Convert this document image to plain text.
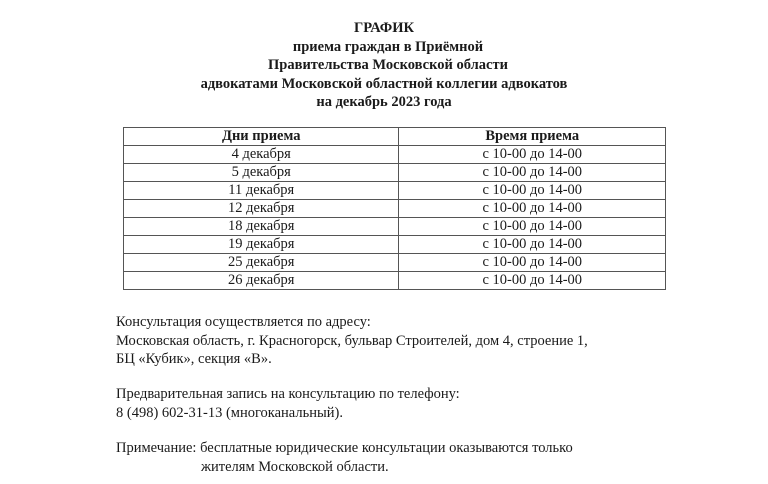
ГРАФИК
приема граждан в Приёмной
Правительства Московской области
адвокатами Московской областной коллегии адвокатов
на декабрь 2023 года
Дни приема	Время приема
4 декабря	с 10-00 до 14-00
5 декабря	с 10-00 до 14-00
11 декабря	с 10-00 до 14-00
12 декабря	с 10-00 до 14-00
18 декабря	с 10-00 до 14-00
19 декабря	с 10-00 до 14-00
25 декабря	с 10-00 до 14-00
26 декабря	с 10-00 до 14-00
Консультация осуществляется по адресу:
Московская область, г. Красногорск, бульвар Строителей, дом 4, строение 1,
БЦ «Кубик», секция «В».
Предварительная запись на консультацию по телефону:
8 (498) 602-31-13 (многоканальный).
Примечание: бесплатные юридические консультации оказываются только
жителям Московской области.
